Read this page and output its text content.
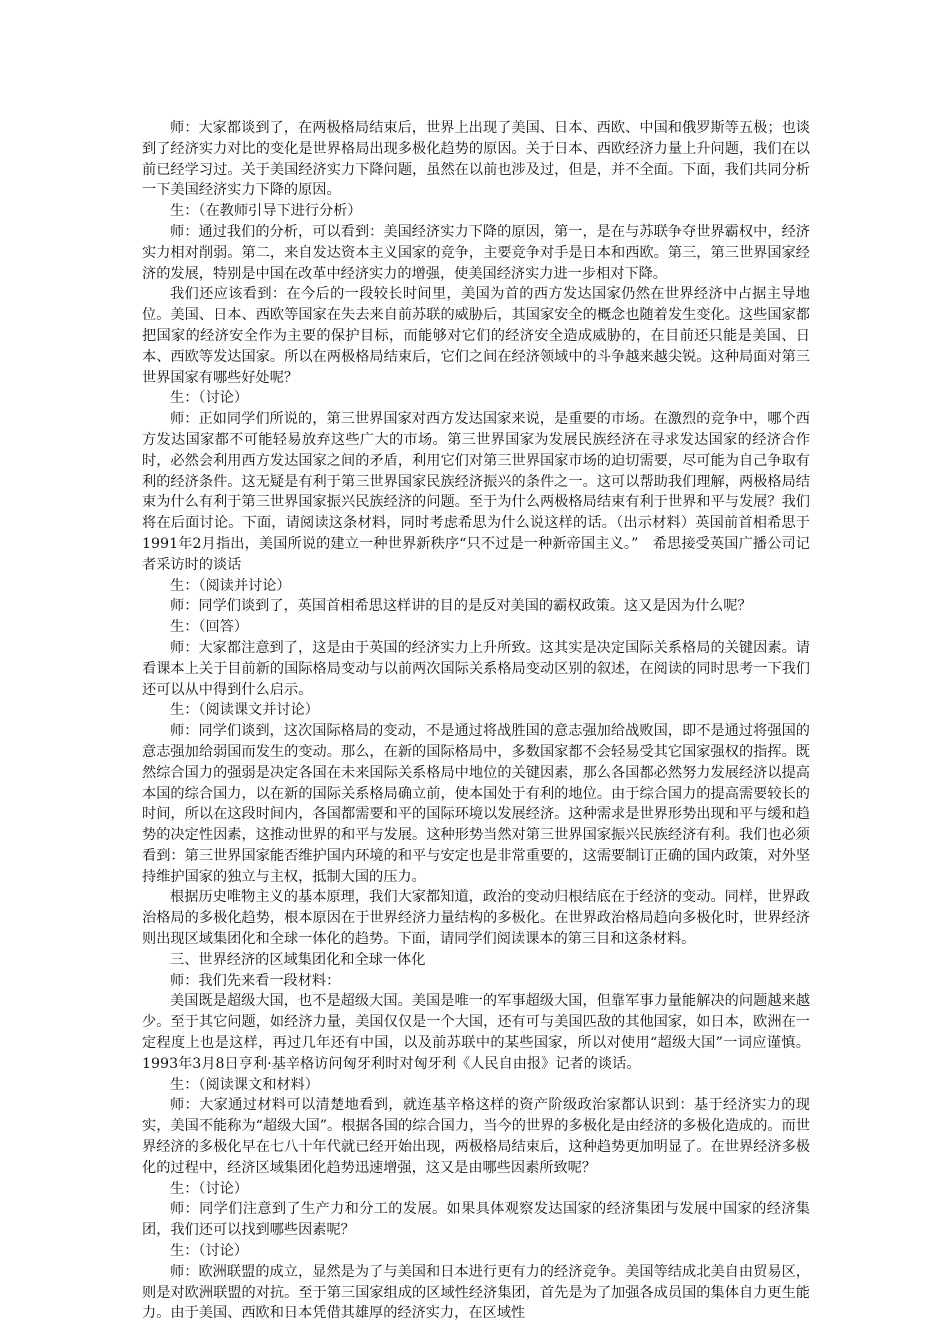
师：大家都谈到了，在两极格局结束后，世界上出现了美国、日本、西欧、中国和俄罗斯等五极；也谈到了经济实力对比的变化是世界格局出现多极化趋势的原因。关于日本、西欧经济力量上升问题，我们在以前已经学习过。关于美国经济实力下降问题，虽然在以前也涉及过，但是，并不全面。下面，我们共同分析一下美国经济实力下降的原因。

生：（在教师引导下进行分析）

师：通过我们的分析，可以看到：美国经济实力下降的原因，第一，是在与苏联争夺世界霸权中，经济实力相对削弱。第二，来自发达资本主义国家的竞争，主要竞争对手是日本和西欧。第三，第三世界国家经济的发展，特别是中国在改革中经济实力的增强，使美国经济实力进一步相对下降。

我们还应该看到：在今后的一段较长时间里，美国为首的西方发达国家仍然在世界经济中占据主导地位。美国、日本、西欧等国家在失去来自前苏联的威胁后，其国家安全的概念也随着发生变化。这些国家都把国家的经济安全作为主要的保护目标，而能够对它们的经济安全造成威胁的，在目前还只能是美国、日本、西欧等发达国家。所以在两极格局结束后，它们之间在经济领域中的斗争越来越尖锐。这种局面对第三世界国家有哪些好处呢？

生：（讨论）

师：正如同学们所说的，第三世界国家对西方发达国家来说，是重要的市场。在激烈的竞争中，哪个西方发达国家都不可能轻易放弃这些广大的市场。第三世界国家为发展民族经济在寻求发达国家的经济合作时，必然会利用西方发达国家之间的矛盾，利用它们对第三世界国家市场的迫切需要，尽可能为自己争取有利的经济条件。这无疑是有利于第三世界国家民族经济振兴的条件之一。这可以帮助我们理解，两极格局结束为什么有利于第三世界国家振兴民族经济的问题。至于为什么两极格局结束有利于世界和平与发展？我们将在后面讨论。下面，请阅读这条材料，同时考虑希思为什么说这样的话。（出示材料）英国前首相希思于1991年2月指出，美国所说的建立一种世界新秩序“只不过是一种新帝国主义。”　希思接受英国广播公司记者采访时的谈话

生：（阅读并讨论）

师：同学们谈到了，英国首相希思这样讲的目的是反对美国的霸权政策。这又是因为什么呢？

生：（回答）

师：大家都注意到了，这是由于英国的经济实力上升所致。这其实是决定国际关系格局的关键因素。请看课本上关于目前新的国际格局变动与以前两次国际关系格局变动区别的叙述，在阅读的同时思考一下我们还可以从中得到什么启示。

生：（阅读课文并讨论）

师：同学们谈到，这次国际格局的变动，不是通过将战胜国的意志强加给战败国，即不是通过将强国的意志强加给弱国而发生的变动。那么，在新的国际格局中，多数国家都不会轻易受其它国家强权的指挥。既然综合国力的强弱是决定各国在未来国际关系格局中地位的关键因素，那么各国都必然努力发展经济以提高本国的综合国力，以在新的国际关系格局确立前，使本国处于有利的地位。由于综合国力的提高需要较长的时间，所以在这段时间内，各国都需要和平的国际环境以发展经济。这种需求是世界形势出现和平与缓和趋势的决定性因素，这推动世界的和平与发展。这种形势当然对第三世界国家振兴民族经济有利。我们也必须看到：第三世界国家能否维护国内环境的和平与安定也是非常重要的，这需要制订正确的国内政策，对外坚持维护国家的独立与主权，抵制大国的压力。

根据历史唯物主义的基本原理，我们大家都知道，政治的变动归根结底在于经济的变动。同样，世界政治格局的多极化趋势，根本原因在于世界经济力量结构的多极化。在世界政治格局趋向多极化时，世界经济则出现区域集团化和全球一体化的趋势。下面，请同学们阅读课本的第三目和这条材料。

三、世界经济的区域集团化和全球一体化

师：我们先来看一段材料：

美国既是超级大国，也不是超级大国。美国是唯一的军事超级大国，但靠军事力量能解决的问题越来越少。至于其它问题，如经济力量，美国仅仅是一个大国，还有可与美国匹敌的其他国家，如日本，欧洲在一定程度上也是这样，再过几年还有中国，以及前苏联中的某些国家，所以对使用“超级大国”一词应谨慎。1993年3月8日亨利·基辛格访问匈牙利时对匈牙利《人民自由报》记者的谈话。

生：（阅读课文和材料）

师：大家通过材料可以清楚地看到，就连基辛格这样的资产阶级政治家都认识到：基于经济实力的现实，美国不能称为“超级大国”。根据各国的综合国力，当今的世界的多极化是由经济的多极化造成的。而世界经济的多极化早在七八十年代就已经开始出现，两极格局结束后，这种趋势更加明显了。在世界经济多极化的过程中，经济区域集团化趋势迅速增强，这又是由哪些因素所致呢？

生：（讨论）

师：同学们注意到了生产力和分工的发展。如果具体观察发达国家的经济集团与发展中国家的经济集团，我们还可以找到哪些因素呢？

生：（讨论）

师：欧洲联盟的成立，显然是为了与美国和日本进行更有力的经济竞争。美国等结成北美自由贸易区，则是对欧洲联盟的对抗。至于第三国家组成的区域性经济集团，首先是为了加强各成员国的集体自力更生能力。由于美国、西欧和日本凭借其雄厚的经济实力，在区域性
